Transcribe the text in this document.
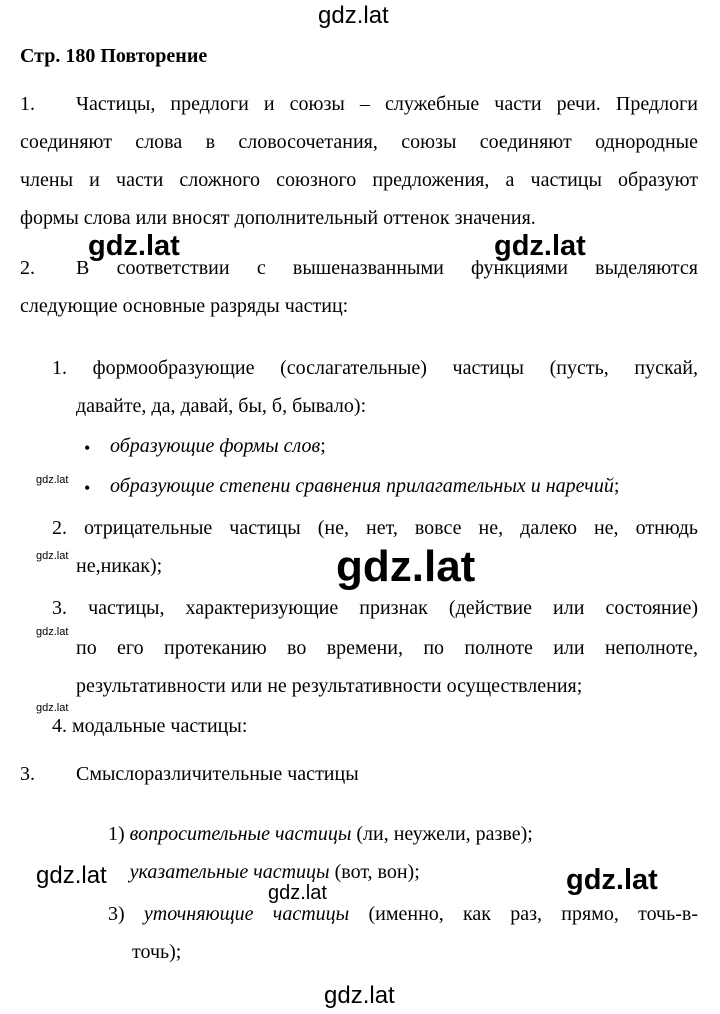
gdz.lat
Стр. 180 Повторение
1. Частицы, предлоги и союзы – служебные части речи. Предлоги
соединяют слова в словосочетания, союзы соединяют однородные
члены и части сложного союзного предложения, а частицы образуют
формы слова или вносят дополнительный оттенок значения.
gdz.lat	gdz.lat
2. В соответствии с вышеназванными функциями выделяются
следующие основные разряды частиц:
1. формообразующие (сослагательные) частицы (пусть, пускай,
давайте, да, давай, бы, б, бывало):
• образующие формы слов;
gdz.lat • образующие степени сравнения прилагательных и наречий;
2. отрицательные частицы (не, нет, вовсе не, далеко не, отнюдь
gdz.lat не,никак);	gdz.lat
3. частицы, характеризующие признак (действие или состояние)
gdz.lat
по его протеканию во времени, по полноте или неполноте,
результативности или не результативности осуществления;
gdz.lat
4. модальные частицы:
3. Смыслоразличительные частицы
1) вопросительные частицы (ли, неужели, разве);
gdz.lat	указательные частицы (вот, вон);	gdz.lat
gdz.lat
3) уточняющие частицы (именно, как раз, прямо, точь-в-
точь);
gdz.lat
